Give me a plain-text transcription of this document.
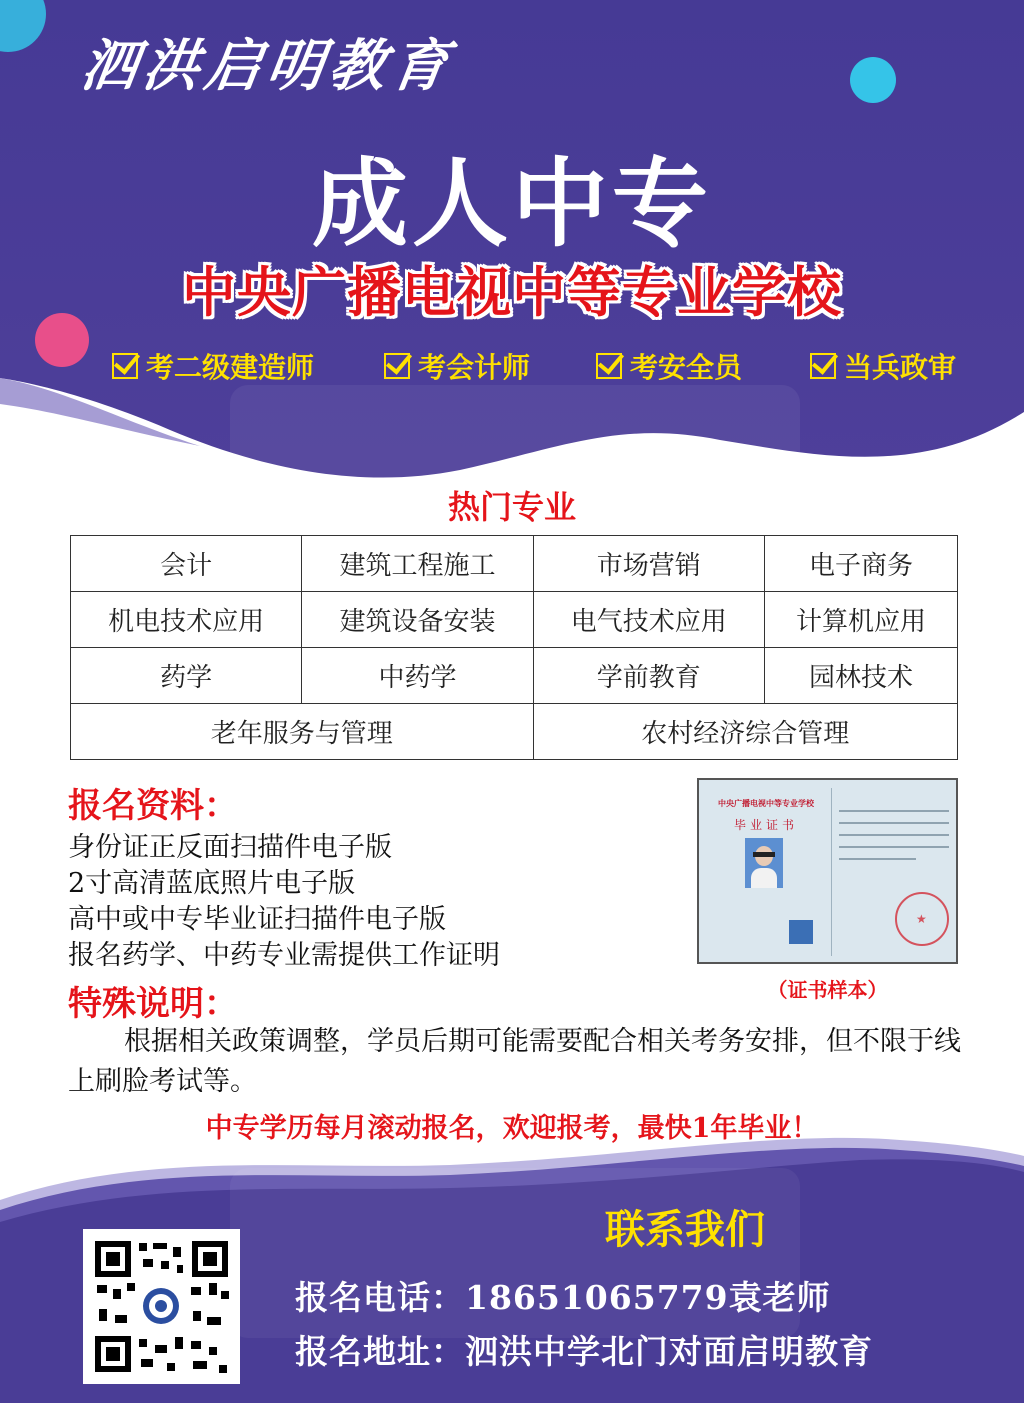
泗洪启明教育
成人中专
中央广播电视中等专业学校
考二级建造师	考会计师	考安全员	当兵政审
热门专业
会计	建筑工程施工	市场营销	电子商务
机电技术应用	建筑设备安装	电气技术应用	计算机应用
药学	中药学	学前教育	园林技术
老年服务与管理		农村经济综合管理	
报名资料：
身份证正反面扫描件电子版
2寸高清蓝底照片电子版
高中或中专毕业证扫描件电子版
报名药学、中药专业需提供工作证明
中央广播电视中等专业学校
毕业证书
★
（证书样本）
特殊说明：
根据相关政策调整，学员后期可能需要配合相关考务安排，但不限于线上刷脸考试等。
中专学历每月滚动报名，欢迎报考，最快1年毕业！
联系我们
报名电话：18651065779袁老师
报名地址：泗洪中学北门对面启明教育
